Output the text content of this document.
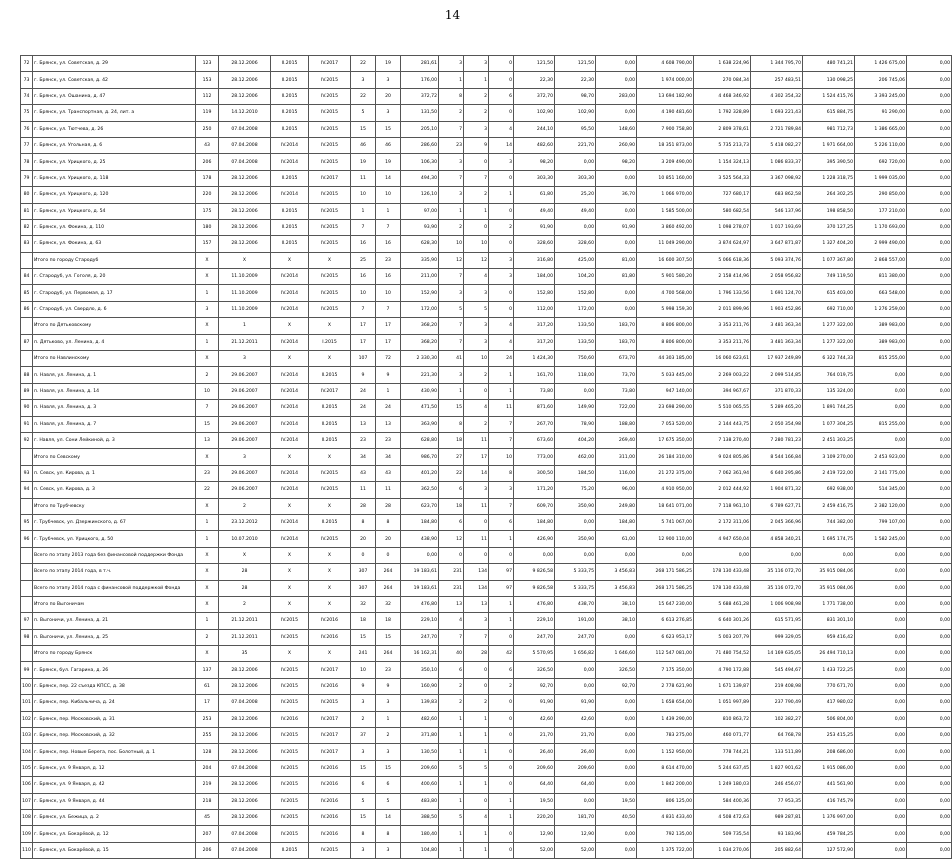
14
72	г. Брянск, ул. Советская, д. 29	123	28.12.2006	II.2015	IV.2017	22	19	281,61	3	3	0	121,50	121,50	0,00	4 608 790,00	1 638 224,96	1 344 795,70	480 741,21	1 426 675,00	0,00
73	г. Брянск, ул. Советская, д. 42	153	28.12.2006	II.2015	IV.2015	3	3	176,00	1	1	0	22,30	22,30	0,00	1 974 000,00	270 084,34	257 483,51	130 098,25	206 745,06	0,00
74	г. Брянск, ул. Ошанина, д. 47	112	28.12.2006	II.2015	IV.2015	22	20	372,72	8	2	6	372,70	98,70	283,00	13 694 182,90	4 468 346,92	4 302 354,32	1 524 415,76	3 393 245,00	0,00
75	г. Брянск, ул. Транспортная, д. 24, лит. а	119	14.12.2010	II.2015	IV.2015	5	3	131,50	2	2	0	102,90	102,90	0,00	4 190 481,60	1 792 328,89	1 693 221,43	615 884,75	91 290,00	0,00
76	г. Брянск, ул. Тютчева, д. 26	250	07.04.2008	II.2015	IV.2015	15	15	205,10	7	3	4	244,10	95,50	148,60	7 900 758,80	2 809 378,61	2 721 789,84	981 712,73	1 386 665,00	0,00
77	г. Брянск, ул. Угольная, д. 6	43	07.04.2008	IV.2014	IV.2015	46	46	286,60	23	9	14	482,60	221,70	260,90	18 351 873,00	5 735 213,73	5 418 082,27	1 971 664,00	5 226 110,00	0,00
78	г. Брянск, ул. Урицкого, д. 25	206	07.04.2008	IV.2014	IV.2015	19	19	106,30	3	0	3	98,20	0,00	98,20	3 209 490,00	1 154 324,13	1 086 833,37	395 390,50	692 720,00	0,00
79	г. Брянск, ул. Урицкого, д. 118	178	28.12.2006	II.2015	IV.2017	11	14	494,30	7	7	0	303,30	303,30	0,00	10 851 160,00	3 525 564,33	3 367 098,92	1 228 318,75	1 999 035,00	0,00
80	г. Брянск, ул. Урицкого, д. 120	220	28.12.2006	IV.2014	IV.2015	10	10	126,10	3	2	1	61,80	25,20	36,70	1 066 970,00	727 680,17	683 862,58	264 302,25	290 850,00	0,00
81	г. Брянск, ул. Урицкого, д. 54	175	28.12.2006	II.2015	IV.2015	1	1	97,00	1	1	0	49,40	49,40	0,00	1 585 500,00	580 682,54	546 137,96	198 858,50	177 210,00	0,00
82	г. Брянск, ул. Фокина, д. 110	180	28.12.2006	II.2015	IV.2015	7	7	93,90	2	0	2	91,90	0,00	91,90	3 860 492,00	1 098 278,07	1 017 193,69	370 127,25	1 170 693,00	0,00
83	г. Брянск, ул. Фокина, д. 63	157	28.12.2006	II.2015	IV.2015	16	16	628,30	10	10	0	328,60	328,60	0,00	11 049 290,00	3 874 624,97	3 647 871,87	1 327 404,20	2 999 490,00	0,00
	Итого по городу Стародуб	X	X	X	X	25	23	335,90	12	12	3	316,80	425,00	81,00	16 600 307,50	5 066 618,36	5 093 374,76	1 077 367,80	2 868 557,00	0,00
84	г. Стародуб, ул. Гоголя, д. 20	X	11.10.2009	IV.2014	IV.2015	16	16	211,00	7	4	3	184,00	104,20	81,80	5 901 580,20	2 158 414,96	2 058 956,82	749 119,50	811 380,00	0,00
85	г. Стародуб, ул. Первомая, д. 17	1	11.10.2009	IV.2014	IV.2015	10	10	152,90	3	3	0	152,80	152,80	0,00	4 700 568,00	1 796 133,56	1 691 124,70	615 403,00	663 548,00	0,00
86	г. Стародуб, ул. Свердло, д. 6	3	11.10.2009	IV.2014	IV.2015	7	7	172,00	5	5	0	112,00	172,00	0,00	5 998 159,30	2 011 899,96	1 903 452,86	692 710,00	1 276 259,00	0,00
	Итого по Дятьковскому	X	1	X	X	17	17	368,20	7	3	4	317,20	133,50	183,70	8 806 800,00	3 353 211,76	3 481 363,34	1 277 322,00	389 983,00	0,00
87	п. Дятьково, ул. Ленина, д. 4	1	21.12.2011	IV.2014	I.2015	17	17	368,20	7	3	4	317,20	133,50	183,70	8 806 800,00	3 353 211,76	3 481 363,34	1 277 322,00	389 983,00	0,00
	Итого по Навлинскому	X	3	X	X	107	72	2 330,30	41	10	24	1 424,30	750,60	673,70	44 303 185,00	16 060 623,61	17 937 249,89	6 322 744,33	815 255,00	0,00
88	п. Навля, ул. Ленина, д. 1	2	29.06.2007	IV.2014	II.2015	9	9	221,30	3	2	1	161,70	118,00	73,70	5 033 445,00	2 269 003,22	2 099 514,85	764 019,75	0,00	0,00
89	п. Навля, ул. Ленина, д. 14	10	29.06.2007	IV.2014	IV.2017	24	1	430,90	1	0	1	73,80	0,00	73,80	947 140,00	394 967,67	371 870,33	135 324,00	0,00	0,00
90	п. Навля, ул. Ленина, д. 3	7	29.06.2007	IV.2014	II.2015	24	24	471,50	15	4	11	871,60	149,90	722,00	23 698 290,00	5 510 065,55	5 289 465,20	1 891 744,25	0,00	0,00
91	п. Навля, ул. Ленина, д. 7	15	29.06.2007	IV.2014	II.2015	13	13	363,90	8	2	7	267,70	78,90	188,80	7 053 520,00	2 144 443,75	2 050 354,98	1 077 304,25	815 255,00	0,00
92	г. Навля, ул. Сони Лейкиной, д. 3	13	29.06.2007	IV.2014	II.2015	23	23	628,80	18	11	7	673,60	404,20	269,40	17 675 350,00	7 138 270,40	7 280 781,23	2 451 303,25	0,00	0,00
	Итого по Севскому	X	3	X	X	34	34	986,70	27	17	10	773,00	462,00	311,00	26 184 310,00	9 024 805,86	8 544 166,84	3 109 270,00	2 453 923,00	0,00
93	п. Севск, ул. Кирова, д. 1	23	29.06.2007	IV.2014	IV.2015	43	43	401,20	22	14	8	300,50	184,50	116,00	21 272 375,00	7 062 361,94	6 640 295,86	2 419 722,00	2 141 775,00	0,00
94	п. Севск, ул. Кирова, д. 3	22	29.06.2007	IV.2014	IV.2015	11	11	362,50	6	3	3	171,20	75,20	96,00	4 910 950,00	2 012 444,92	1 904 871,32	692 938,00	514 345,00	0,00
	Итого по Трубчевску	X	2	X	X	28	28	623,70	18	11	7	609,70	350,90	249,80	18 641 071,00	7 118 961,10	6 789 627,71	2 459 416,75	2 382 120,00	0,00
95	г. Трубчевск, ул. Дзержинского, д. 67	1	23.12.2012	IV.2014	II.2015	8	8	184,80	6	0	6	184,80	0,00	184,80	5 741 067,00	2 172 311,06	2 045 366,96	744 382,00	799 107,00	0,00
96	г. Трубчевск, ул. Урицкого, д. 50	1	10.07.2010	IV.2014	IV.2015	20	20	438,90	12	11	1	426,90	350,90	61,00	12 900 110,00	4 947 650,04	4 858 340,21	1 695 174,75	1 582 245,00	0,00
	Всего по этапу 2013 года без финансовой поддержки Фонда	X	X	X	X	0	0	0,00	0	0	0	0,00	0,00	0,00	0,00	0,00	0,00	0,00	0,00	0,00
	Всего по этапу 2014 года, в т.ч.	X	28	X	X	307	264	19 183,61	231	134	97	9 826,58	5 333,75	3 456,83	268 171 586,25	178 130 433,48	35 116 072,70	35 915 084,06	0,00	0,00
	Всего по этапу 2014 года с финансовой поддержкой Фонда	X	28	X	X	307	264	19 183,61	231	134	97	9 826,58	5 333,75	3 456,83	268 171 586,25	178 130 433,48	35 116 072,70	35 915 084,06	0,00	0,00
	Итого по Выгоничам	X	2	X	X	32	32	476,80	13	13	1	476,80	438,70	38,10	15 647 230,00	5 688 461,28	1 006 908,98	1 771 738,00	0,00	0,00
97	п. Выгоничи, ул. Ленина, д. 21	1	21.12.2011	IV.2015	IV.2016	18	18	229,10	4	3	1	229,10	191,00	38,10	6 613 276,85	6 640 301,26	615 571,95	831 301,10	0,00	0,00
98	п. Выгоничи, ул. Ленина, д. 25	2	21.12.2011	IV.2015	IV.2016	15	15	247,70	7	7	0	247,70	247,70	0,00	6 623 953,17	5 003 207,79	999 329,05	959 416,42	0,00	0,00
	Итого по городу Брянск	X	35	X	X	241	264	16 162,31	40	28	42	5 570,95	1 656,82	1 646,60	112 547 081,00	71 480 754,52	14 169 635,05	26 494 710,13	0,00	0,00
99	г. Брянск, бул. Гагарина, д. 26	137	28.12.2006	IV.2015	IV.2017	10	23	350,10	6	0	6	326,50	0,00	326,50	7 175 350,00	4 790 172,88	545 494,67	1 433 722,25	0,00	0,00
100	г. Брянск, пер. 22 съезда КПСС, д. 38	61	28.12.2006	IV.2015	IV.2016	9	9	160,90	2	0	2	92,70	0,00	92,70	2 778 621,90	1 671 139,87	219 408,98	770 671,70	0,00	0,00
101	г. Брянск, пер. Кибальчича, д. 24	17	07.04.2008	IV.2015	IV.2015	3	3	139,83	2	2	0	91,90	91,90	0,00	1 658 654,00	1 051 997,89	237 790,49	417 980,02	0,00	0,00
102	г. Брянск, пер. Московский, д. 31	253	28.12.2006	IV.2016	IV.2017	2	1	482,60	1	1	0	42,60	42,60	0,00	1 439 290,00	810 863,72	102 382,27	506 804,00	0,00	0,00
103	г. Брянск, пер. Московский, д. 32	255	28.12.2006	IV.2015	IV.2017	37	2	371,80	1	1	0	21,70	21,70	0,00	783 275,00	460 071,77	64 768,78	253 415,25	0,00	0,00
104	г. Брянск, пер. Новые Берега, пос. Болотный, д. 1	128	28.12.2006	IV.2015	IV.2017	3	3	130,50	1	1	0	26,40	26,40	0,00	1 152 950,00	778 744,21	133 511,89	208 686,00	0,00	0,00
105	г. Брянск, ул. 9 Января, д. 12	204	07.04.2008	IV.2015	IV.2016	15	15	209,60	5	5	0	209,60	209,60	0,00	8 614 470,00	5 244 637,45	1 827 901,62	1 915 086,00	0,00	0,00
106	г. Брянск, ул. 9 Января, д. 42	219	28.12.2006	IV.2015	IV.2016	6	6	400,60	1	1	0	64,40	64,40	0,00	1 842 200,00	1 249 180,03	246 456,07	441 561,90	0,00	0,00
107	г. Брянск, ул. 9 Января, д. 44	218	28.12.2006	IV.2015	IV.2016	5	5	483,80	1	0	1	19,50	0,00	19,50	806 125,00	584 400,36	77 953,35	416 745,79	0,00	0,00
108	г. Брянск, ул. Бежица, д. 2	45	28.12.2006	IV.2015	IV.2016	15	14	388,50	5	4	1	220,20	181,70	40,50	4 831 433,40	4 508 472,63	989 287,81	1 376 997,00	0,00	0,00
109	г. Брянск, ул. Бокарёвой, д. 12	207	07.04.2008	IV.2015	IV.2016	8	8	180,40	1	1	0	12,90	12,90	0,00	792 135,00	509 735,54	93 183,96	459 784,25	0,00	0,00
110	г. Брянск, ул. Бокарёвой, д. 15	206	07.04.2008	II.2015	IV.2015	3	3	104,80	1	1	0	52,00	52,00	0,00	1 375 722,00	1 034 270,06	205 882,64	127 572,90	0,00	0,00
